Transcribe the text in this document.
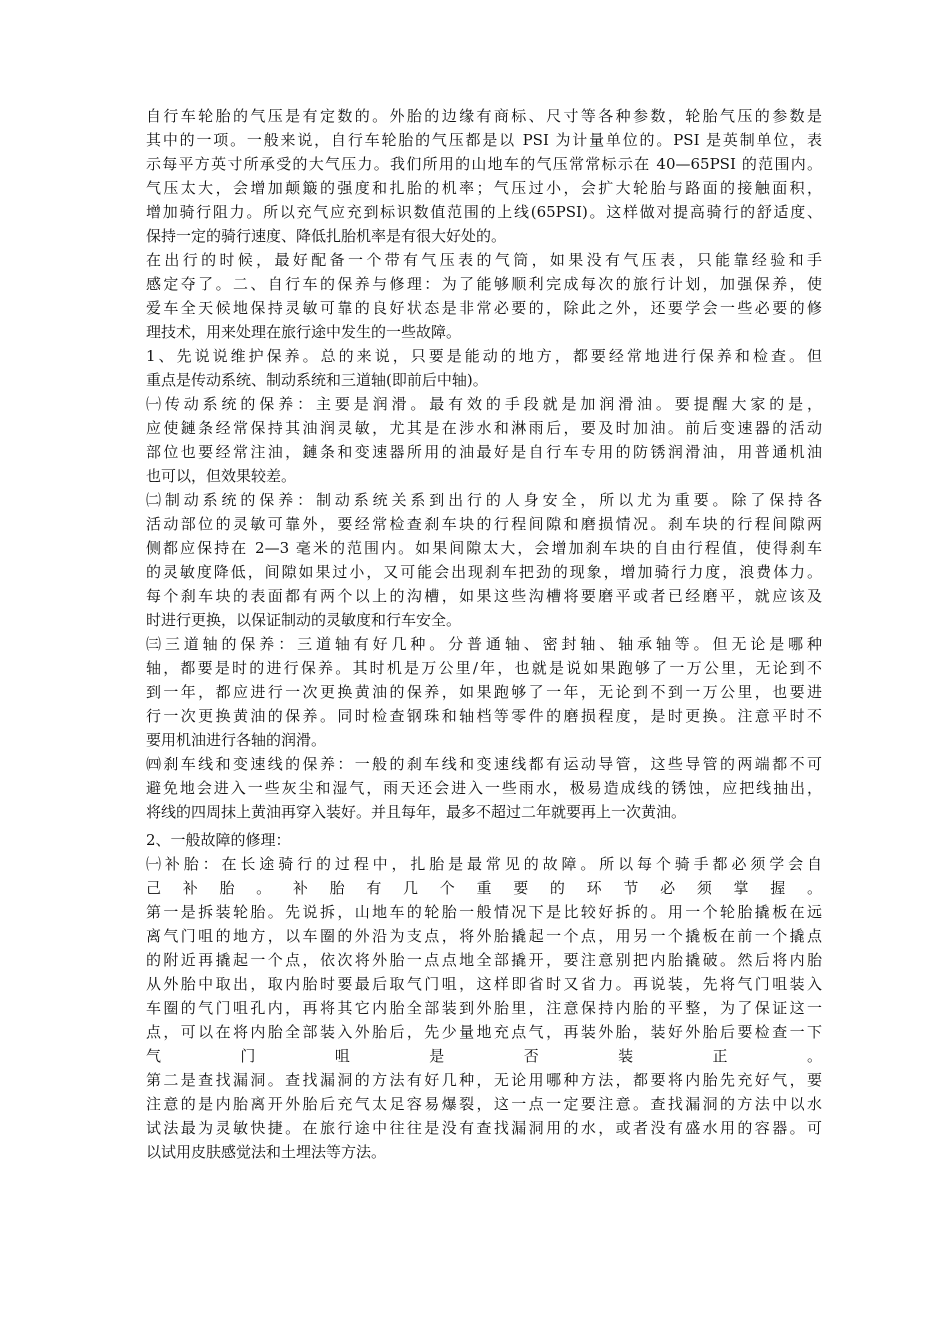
自行车轮胎的气压是有定数的。外胎的边缘有商标、尺寸等各种参数，轮胎气压的参数是
其中的一项。一般来说，自行车轮胎的气压都是以 PSI 为计量单位的。PSI 是英制单位，表
示每平方英寸所承受的大气压力。我们所用的山地车的气压常常标示在 40—65PSI 的范围内。
气压太大，会增加颠簸的强度和扎胎的机率；气压过小，会扩大轮胎与路面的接触面积，
增加骑行阻力。所以充气应充到标识数值范围的上线(65PSI)。这样做对提高骑行的舒适度、
保持一定的骑行速度、降低扎胎机率是有很大好处的。
在出行的时候，最好配备一个带有气压表的气筒，如果没有气压表，只能靠经验和手
感定夺了。二、自行车的保养与修理：为了能够顺利完成每次的旅行计划，加强保养，使
爱车全天候地保持灵敏可靠的良好状态是非常必要的，除此之外，还要学会一些必要的修
理技术，用来处理在旅行途中发生的一些故障。
1、先说说维护保养。总的来说，只要是能动的地方，都要经常地进行保养和检查。但
重点是传动系统、制动系统和三道轴(即前后中轴)。
㈠传动系统的保养：主要是润滑。最有效的手段就是加润滑油。要提醒大家的是，
应使鏈条经常保持其油润灵敏，尤其是在涉水和淋雨后，要及时加油。前后变速器的活动
部位也要经常注油，鏈条和变速器所用的油最好是自行车专用的防锈润滑油，用普通机油
也可以，但效果较差。
㈡制动系统的保养：制动系统关系到出行的人身安全，所以尤为重要。除了保持各
活动部位的灵敏可靠外，要经常检查刹车块的行程间隙和磨损情况。刹车块的行程间隙两
侧都应保持在 2—3 毫米的范围内。如果间隙太大，会增加刹车块的自由行程值，使得刹车
的灵敏度降低，间隙如果过小，又可能会出现刹车把劲的现象，增加骑行力度，浪费体力。
每个刹车块的表面都有两个以上的沟槽，如果这些沟槽将要磨平或者已经磨平，就应该及
时进行更换，以保证制动的灵敏度和行车安全。
㈢三道轴的保养：三道轴有好几种。分普通轴、密封轴、轴承轴等。但无论是哪种
轴，都要是时的进行保养。其时机是万公里/年，也就是说如果跑够了一万公里，无论到不
到一年，都应进行一次更换黄油的保养，如果跑够了一年，无论到不到一万公里，也要进
行一次更换黄油的保养。同时检查钢珠和轴档等零件的磨损程度，是时更换。注意平时不
要用机油进行各轴的润滑。
㈣刹车线和变速线的保养：一般的刹车线和变速线都有运动导管，这些导管的两端都不可
避免地会进入一些灰尘和湿气，雨天还会进入一些雨水，极易造成线的锈蚀，应把线抽出，
将线的四周抹上黄油再穿入装好。并且每年，最多不超过二年就要再上一次黄油。
2、一般故障的修理：
㈠补胎：在长途骑行的过程中，扎胎是最常见的故障。所以每个骑手都必须学会自
己补胎。补胎有几个重要的环节必须掌握。
第一是拆装轮胎。先说拆，山地车的轮胎一般情况下是比较好拆的。用一个轮胎撬板在远
离气门咀的地方，以车圈的外沿为支点，将外胎撬起一个点，用另一个撬板在前一个撬点
的附近再撬起一个点，依次将外胎一点点地全部撬开，要注意别把内胎撬破。然后将内胎
从外胎中取出，取内胎时要最后取气门咀，这样即省时又省力。再说装，先将气门咀装入
车圈的气门咀孔内，再将其它内胎全部装到外胎里，注意保持内胎的平整，为了保证这一
点，可以在将内胎全部装入外胎后，先少量地充点气，再装外胎，装好外胎后要检查一下
气门咀是否装正。
第二是查找漏洞。查找漏洞的方法有好几种，无论用哪种方法，都要将内胎先充好气，要
注意的是内胎离开外胎后充气太足容易爆裂，这一点一定要注意。查找漏洞的方法中以水
试法最为灵敏快捷。在旅行途中往往是没有查找漏洞用的水，或者没有盛水用的容器。可
以试用皮肤感觉法和土埋法等方法。
